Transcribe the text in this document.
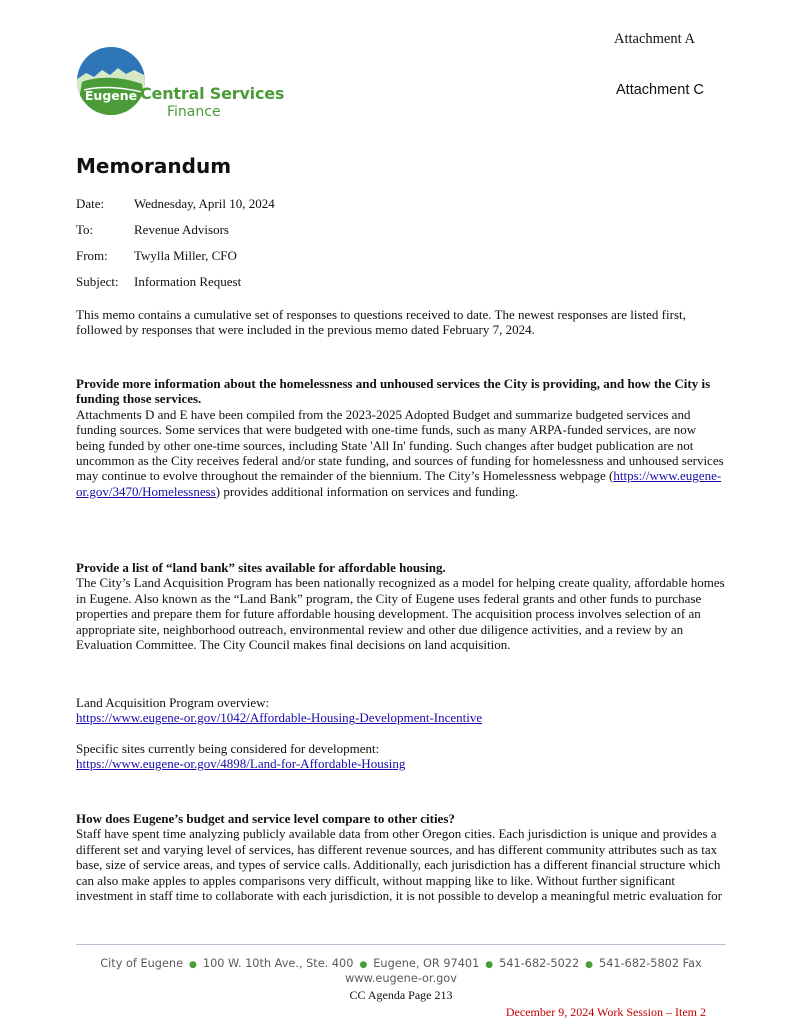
Attachment A
Attachment C
Eugene Central Services
Finance
Memorandum
Date:	Wednesday, April 10, 2024
To:	Revenue Advisors
From:	Twylla Miller, CFO
Subject:	Information Request

This memo contains a cumulative set of responses to questions received to date. The newest responses are listed first, followed by responses that were included in the previous memo dated February 7, 2024.

Provide more information about the homelessness and unhoused services the City is providing, and how the City is funding those services.

Attachments D and E have been compiled from the 2023-2025 Adopted Budget and summarize budgeted services and funding sources. Some services that were budgeted with one-time funds, such as many ARPA-funded services, are now being funded by other one-time sources, including State 'All In' funding. Such changes after budget publication are not uncommon as the City receives federal and/or state funding, and sources of funding for homelessness and unhoused services may continue to evolve throughout the remainder of the biennium. The City’s Homelessness webpage (https://www.eugene-or.gov/3470/Homelessness) provides additional information on services and funding.

Provide a list of “land bank” sites available for affordable housing.

The City’s Land Acquisition Program has been nationally recognized as a model for helping create quality, affordable homes in Eugene. Also known as the “Land Bank” program, the City of Eugene uses federal grants and other funds to purchase properties and prepare them for future affordable housing development. The acquisition process involves selection of an appropriate site, neighborhood outreach, environmental review and other due diligence activities, and a review by an Evaluation Committee. The City Council makes final decisions on land acquisition.

Land Acquisition Program overview:

https://www.eugene-or.gov/1042/Affordable-Housing-Development-Incentive

Specific sites currently being considered for development:

https://www.eugene-or.gov/4898/Land-for-Affordable-Housing

How does Eugene’s budget and service level compare to other cities?

Staff have spent time analyzing publicly available data from other Oregon cities. Each jurisdiction is unique and provides a different set and varying level of services, has different revenue sources, and has different community attributes such as tax base, size of service areas, and types of service calls. Additionally, each jurisdiction has a different financial structure which can also make apples to apples comparisons very difficult, without mapping like to like. Without further significant investment in staff time to collaborate with each jurisdiction, it is not possible to develop a meaningful metric evaluation for

City of Eugene ● 100 W. 10th Ave., Ste. 400 ● Eugene, OR 97401 ● 541-682-5022 ● 541-682-5802 Fax
www.eugene-or.gov
CC Agenda Page 213
December 9, 2024 Work Session – Item 2
